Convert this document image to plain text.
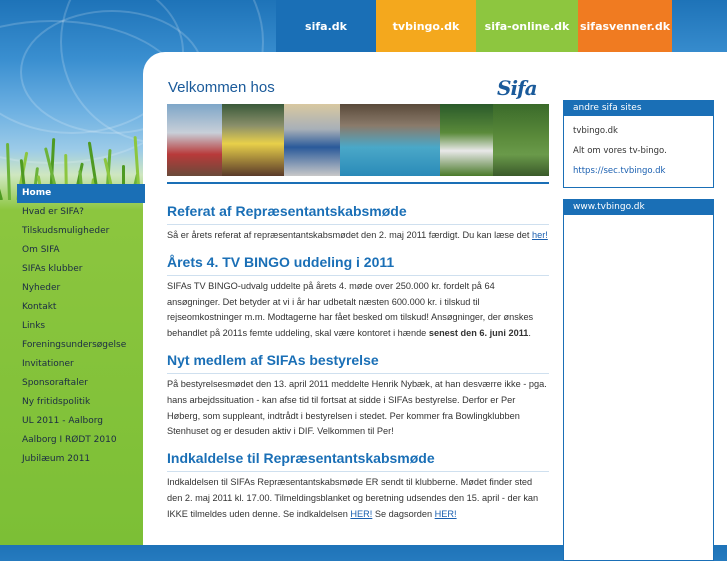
sifa.dk	tvbingo.dk	sifa-online.dk sifasvenner.dk
Velkommen hos	Sifa
Home
Hvad er SIFA?
Tilskudsmuligheder
Om SIFA
SIFAs klubber
Nyheder
Kontakt
Links
Foreningsundersøgelse
Invitationer
Sponsoraftaler
Ny fritidspolitik
UL 2011 - Aalborg
Aalborg I RØDT 2010
Jubilæum 2011
Referat af Repræsentantskabsmøde

Så er årets referat af repræsentantskabsmødet den 2. maj 2011 færdigt. Du kan læse det her!

Årets 4. TV BINGO uddeling i 2011

SIFAs TV BINGO-udvalg uddelte på årets 4. møde over 250.000 kr. fordelt på 64 ansøgninger. Det betyder at vi i år har udbetalt næsten 600.000 kr. i tilskud til rejseomkostninger m.m. Modtagerne har fået besked om tilskud! Ansøgninger, der ønskes behandlet på 2011s femte uddeling, skal være kontoret i hænde senest den 6. juni 2011.

Nyt medlem af SIFAs bestyrelse

På bestyrelsesmødet den 13. april 2011 meddelte Henrik Nybæk, at han desværre ikke - pga. hans arbejdssituation - kan afse tid til fortsat at sidde i SIFAs bestyrelse. Derfor er Per Høberg, som suppleant, indtrådt i bestyrelsen i stedet. Per kommer fra Bowlingklubben Stenhuset og er desuden aktiv i DIF. Velkommen til Per!

Indkaldelse til Repræsentantskabsmøde

Indkaldelsen til SIFAs Repræsentantskabsmøde ER sendt til klubberne. Mødet finder sted den 2. maj 2011 kl. 17.00. Tilmeldingsblanket og beretning udsendes den 15. april - der kan IKKE tilmeldes uden denne. Se indkaldelsen HER! Se dagsorden HER!

andre sifa sites
tvbingo.dk
Alt om vores tv-bingo.
https://sec.tvbingo.dk
www.tvbingo.dk
